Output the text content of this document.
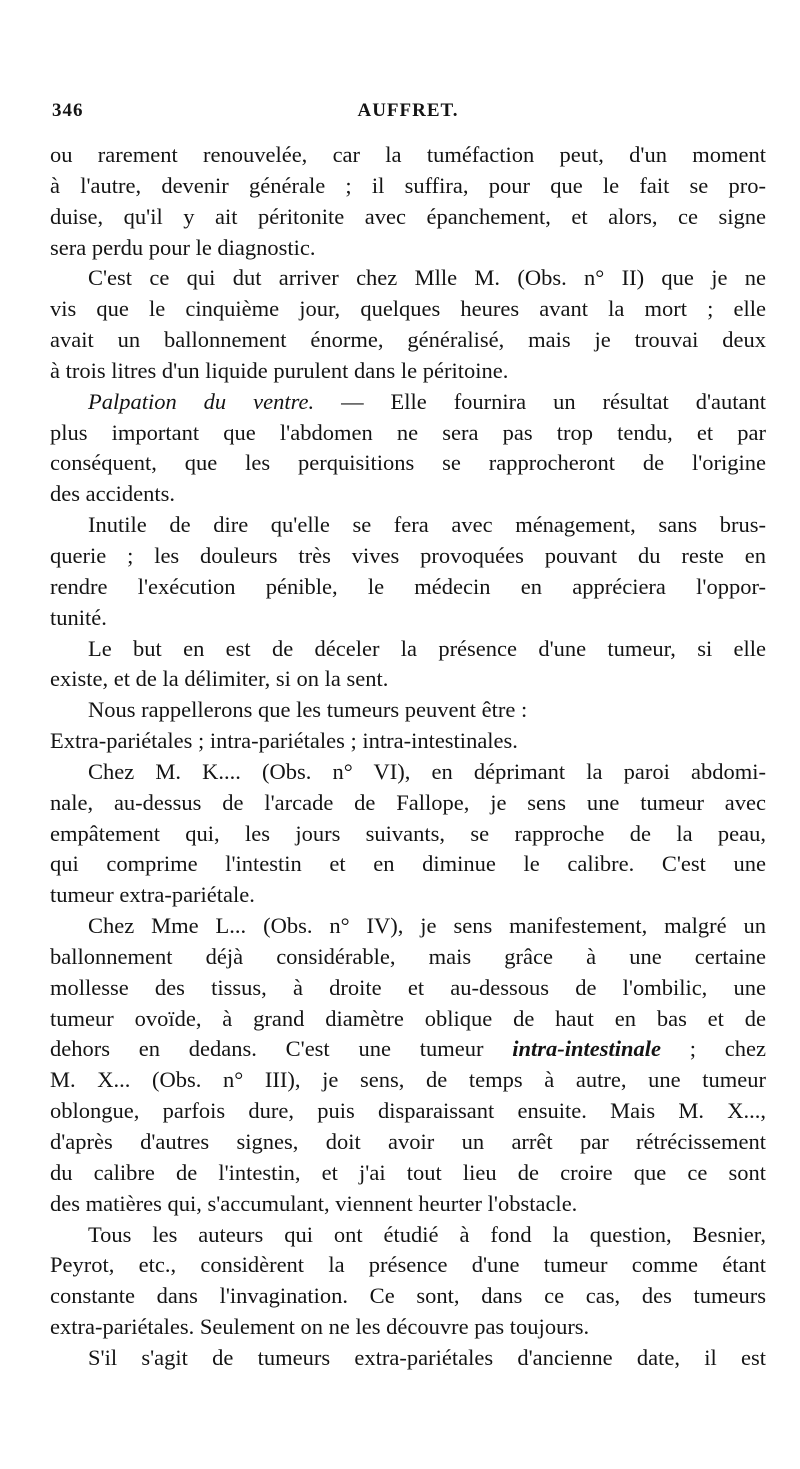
346	AUFFRET.
ou rarement renouvelée, car la tuméfaction peut, d'un moment
à l'autre, devenir générale ; il suffira, pour que le fait se pro-
duise, qu'il y ait péritonite avec épanchement, et alors, ce signe
sera perdu pour le diagnostic.
C'est ce qui dut arriver chez Mlle M. (Obs. n° II) que je ne
vis que le cinquième jour, quelques heures avant la mort ; elle
avait un ballonnement énorme, généralisé, mais je trouvai deux
à trois litres d'un liquide purulent dans le péritoine.
Palpation du ventre. — Elle fournira un résultat d'autant
plus important que l'abdomen ne sera pas trop tendu, et par
conséquent, que les perquisitions se rapprocheront de l'origine
des accidents.
Inutile de dire qu'elle se fera avec ménagement, sans brus-
querie ; les douleurs très vives provoquées pouvant du reste en
rendre l'exécution pénible, le médecin en appréciera l'oppor-
tunité.
Le but en est de déceler la présence d'une tumeur, si elle
existe, et de la délimiter, si on la sent.
Nous rappellerons que les tumeurs peuvent être :
Extra-pariétales ; intra-pariétales ; intra-intestinales.
Chez M. K.... (Obs. n° VI), en déprimant la paroi abdomi-
nale, au-dessus de l'arcade de Fallope, je sens une tumeur avec
empâtement qui, les jours suivants, se rapproche de la peau,
qui comprime l'intestin et en diminue le calibre. C'est une
tumeur extra-pariétale.
Chez Mme L... (Obs. n° IV), je sens manifestement, malgré un
ballonnement déjà considérable, mais grâce à une certaine
mollesse des tissus, à droite et au-dessous de l'ombilic, une
tumeur ovoïde, à grand diamètre oblique de haut en bas et de
dehors en dedans. C'est une tumeur intra-intestinale ; chez
M. X... (Obs. n° III), je sens, de temps à autre, une tumeur
oblongue, parfois dure, puis disparaissant ensuite. Mais M. X...,
d'après d'autres signes, doit avoir un arrêt par rétrécissement
du calibre de l'intestin, et j'ai tout lieu de croire que ce sont
des matières qui, s'accumulant, viennent heurter l'obstacle.
Tous les auteurs qui ont étudié à fond la question, Besnier,
Peyrot, etc., considèrent la présence d'une tumeur comme étant
constante dans l'invagination. Ce sont, dans ce cas, des tumeurs
extra-pariétales. Seulement on ne les découvre pas toujours.
S'il s'agit de tumeurs extra-pariétales d'ancienne date, il est
